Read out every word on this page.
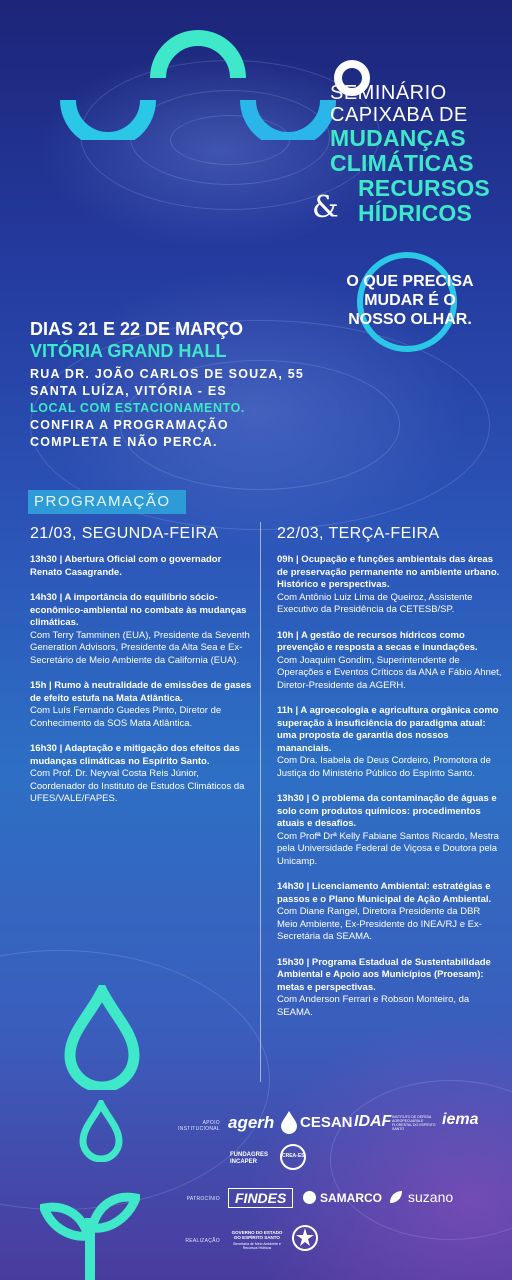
SEMINÁRIO
CAPIXABA DE
MUDANÇAS
CLIMÁTICAS
RECURSOS
HÍDRICOS
&
O QUE PRECISA
MUDAR É O
NOSSO OLHAR.
DIAS 21 E 22 DE MARÇO
VITÓRIA GRAND HALL
RUA DR. JOÃO CARLOS DE SOUZA, 55
SANTA LUÍZA, VITÓRIA - ES
LOCAL COM ESTACIONAMENTO.
CONFIRA A PROGRAMAÇÃO
COMPLETA E NÃO PERCA.
PROGRAMAÇÃO
21/03, SEGUNDA-FEIRA
13h30 | Abertura Oficial com o governador Renato Casagrande.
14h30 | A importância do equilíbrio sócio-econômico-ambiental no combate às mudanças climáticas.
Com Terry Tamminen (EUA), Presidente da Seventh Generation Advisors, Presidente da Alta Sea e Ex-Secretário de Meio Ambiente da California (EUA).
15h | Rumo à neutralidade de emissões de gases de efeito estufa na Mata Atlântica.
Com Luís Fernando Guedes Pinto, Diretor de Conhecimento da SOS Mata Atlântica.
16h30 | Adaptação e mitigação dos efeitos das mudanças climáticas no Espírito Santo.
Com Prof. Dr. Neyval Costa Reis Júnior, Coordenador do Instituto de Estudos Climáticos da UFES/VALE/FAPES.
22/03, TERÇA-FEIRA
09h | Ocupação e funções ambientais das áreas de preservação permanente no ambiente urbano. Histórico e perspectivas.
Com Antônio Luiz Lima de Queiroz, Assistente Executivo da Presidência da CETESB/SP.
10h | A gestão de recursos hídricos como prevenção e resposta a secas e inundações.
Com Joaquim Gondim, Superintendente de Operações e Eventos Críticos da ANA e Fábio Ahnet, Diretor-Presidente da AGERH.
11h | A agroecologia e agricultura orgânica como superação à insuficiência do paradigma atual: uma proposta de garantia dos nossos mananciais.
Com Dra. Isabela de Deus Cordeiro, Promotora de Justiça do Ministério Público do Espírito Santo.
13h30 | O problema da contaminação de águas e solo com produtos químicos: procedimentos atuais e desafios.
Com Profª Drª Kelly Fabiane Santos Ricardo, Mestra pela Universidade Federal de Viçosa e Doutora pela Unicamp.
14h30 | Licenciamento Ambiental: estratégias e passos e o Plano Municipal de Ação Ambiental.
Com Diane Rangel, Diretora Presidente da DBR Meio Ambiente, Ex-Presidente do INEA/RJ e Ex-Secretária da SEAMA.
15h30 | Programa Estadual de Sustentabilidade Ambiental e Apoio aos Municípios (Proesam): metas e perspectivas.
Com Anderson Ferrari e Robson Monteiro, da SEAMA.
APOIO INSTITUCIONAL agerh CESAN IDAF INSTITUTO DE DEFESA AGROPECUÁRIA E FLORESTAL DO ESPÍRITO SANTO
iema
FUNDAGRES INCAPER
CREA-ES
PATROCÍNIO	FINDES	SAMARCO suzano
REALIZAÇÃO
GOVERNO DO ESTADO DO ESPÍRITO SANTO
Secretaria de Meio Ambiente e Recursos Hídricos
